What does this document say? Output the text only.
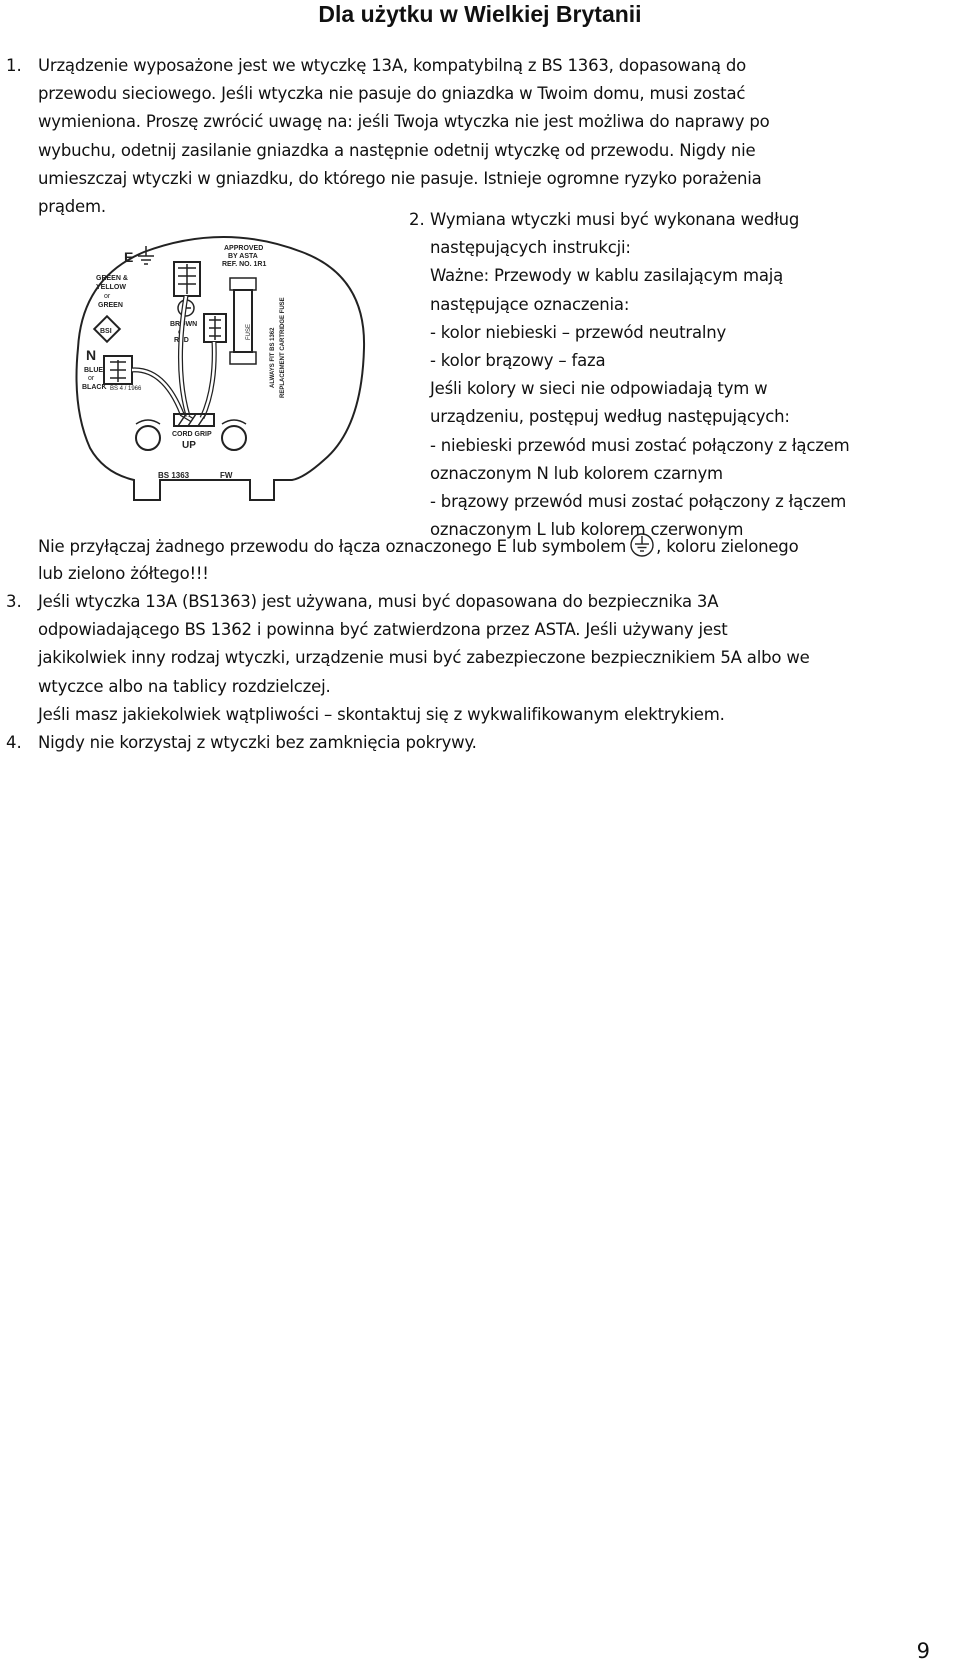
Dla użytku w Wielkiej Brytanii
1. Urządzenie wyposażone jest we wtyczkę 13A, kompatybilną z BS 1363, dopasowaną do
przewodu sieciowego. Jeśli wtyczka nie pasuje do gniazdka w Twoim domu, musi zostać
wymieniona. Proszę zwrócić uwagę na: jeśli Twoja wtyczka nie jest możliwa do naprawy po
wybuchu, odetnij zasilanie gniazdka a następnie odetnij wtyczkę od przewodu. Nigdy nie
umieszczaj wtyczki w gniazdku, do którego nie pasuje. Istnieje ogromne ryzyko porażenia
prądem.
E
GREEN &
YELLOW
or
GREEN
BSI
N
BLUE
or
BLACK
APPROVED
BY ASTA
REF. NO. 1R1
FUSE	ALWAYS FIT BS 1362 REPLACEMENT CARTRIDGE FUSE
BROWN
or
RED
CORD GRIP
UP
BS 4 / 1966
BS 1363	FW
2. Wymiana wtyczki musi być wykonana według
następujących instrukcji:
Ważne: Przewody w kablu zasilającym mają
następujące oznaczenia:
- kolor niebieski – przewód neutralny
- kolor brązowy – faza
Jeśli kolory w sieci nie odpowiadają tym w
urządzeniu, postępuj według następujących:
- niebieski przewód musi zostać połączony z łączem
oznaczonym N lub kolorem czarnym
- brązowy przewód musi zostać połączony z łączem
oznaczonym L lub kolorem czerwonym
Nie przyłączaj żadnego przewodu do łącza oznaczonego E lub symbolem , koloru zielonego
lub zielono żółtego!!!
3. Jeśli wtyczka 13A (BS1363) jest używana, musi być dopasowana do bezpiecznika 3A
odpowiadającego BS 1362 i powinna być zatwierdzona przez ASTA. Jeśli używany jest
jakikolwiek inny rodzaj wtyczki, urządzenie musi być zabezpieczone bezpiecznikiem 5A albo we
wtyczce albo na tablicy rozdzielczej.
Jeśli masz jakiekolwiek wątpliwości – skontaktuj się z wykwalifikowanym elektrykiem.
4. Nigdy nie korzystaj z wtyczki bez zamknięcia pokrywy.
9
